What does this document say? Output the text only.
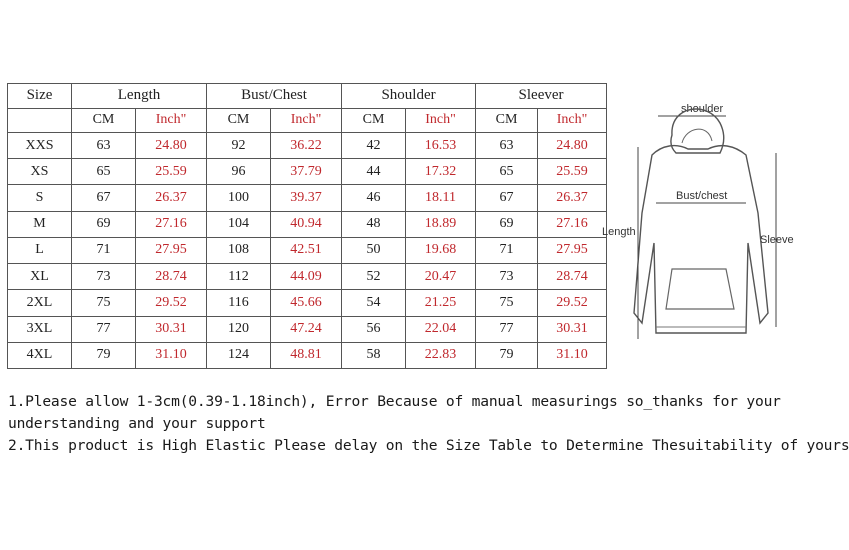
Size	Length		Bust/Chest		Shoulder		Sleever	
	CM	Inch"	CM	Inch"	CM	Inch"	CM	Inch"
XXS	63	24.80	92	36.22	42	16.53	63	24.80
XS	65	25.59	96	37.79	44	17.32	65	25.59
S	67	26.37	100	39.37	46	18.11	67	26.37
M	69	27.16	104	40.94	48	18.89	69	27.16
L	71	27.95	108	42.51	50	19.68	71	27.95
XL	73	28.74	112	44.09	52	20.47	73	28.74
2XL	75	29.52	116	45.66	54	21.25	75	29.52
3XL	77	30.31	120	47.24	56	22.04	77	30.31
4XL	79	31.10	124	48.81	58	22.83	79	31.10
shoulder
Bust/chest
Length
Sleeve

1.Please allow 1-3cm(0.39-1.18inch), Error Because of manual measurings so_thanks for your

understanding and your support

2.This product is High Elastic Please delay on the Size Table to Determine Thesuitability of yours
